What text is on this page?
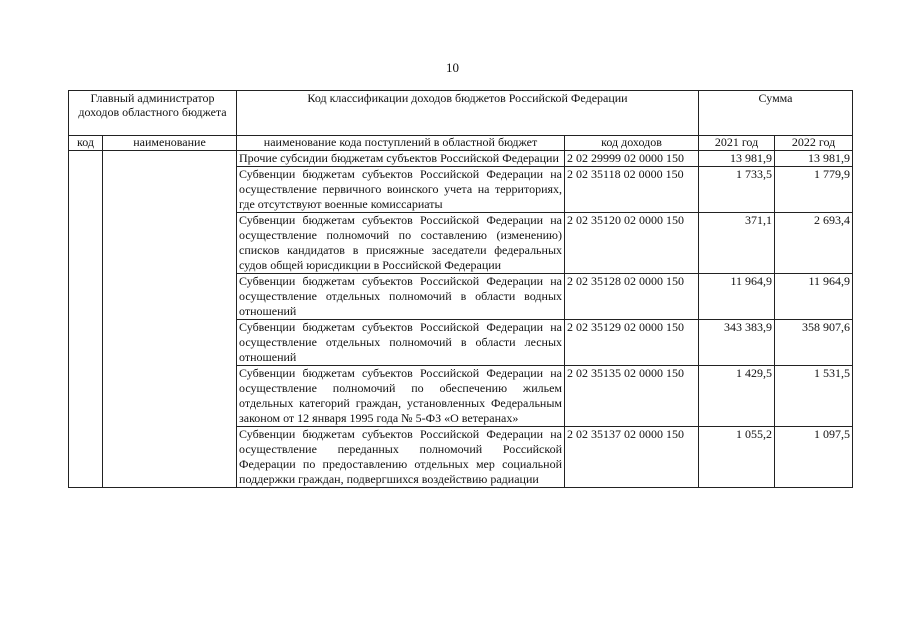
10
Главный администратор доходов областного бюджета		Код классификации доходов бюджетов Российской Федерации		Сумма	
код	наименование	наименование кода поступлений в областной бюджет	код доходов	2021 год	2022 год
		Прочие субсидии бюджетам субъектов Российской Федерации	2 02 29999 02 0000 150	13 981,9	13 981,9
		Субвенции бюджетам субъектов Российской Федерации на осуществление первичного воинского учета на территориях, где отсутствуют военные комиссариаты	2 02 35118 02 0000 150	1 733,5	1 779,9
		Субвенции бюджетам субъектов Российской Федерации на осуществление полномочий по составлению (изменению) списков кандидатов в присяжные заседатели федеральных судов общей юрисдикции в Российской Федерации	2 02 35120 02 0000 150	371,1	2 693,4
		Субвенции бюджетам субъектов Российской Федерации на осуществление отдельных полномочий в области водных отношений	2 02 35128 02 0000 150	11 964,9	11 964,9
		Субвенции бюджетам субъектов Российской Федерации на осуществление отдельных полномочий в области лесных отношений	2 02 35129 02 0000 150	343 383,9	358 907,6
		Субвенции бюджетам субъектов Российской Федерации на осуществление полномочий по обеспечению жильем отдельных категорий граждан, установленных Федеральным законом от 12 января 1995 года № 5-ФЗ «О ветеранах»	2 02 35135 02 0000 150	1 429,5	1 531,5
		Субвенции бюджетам субъектов Российской Федерации на осуществление переданных полномочий Российской Федерации по предоставлению отдельных мер социальной поддержки граждан, подвергшихся воздействию радиации	2 02 35137 02 0000 150	1 055,2	1 097,5
